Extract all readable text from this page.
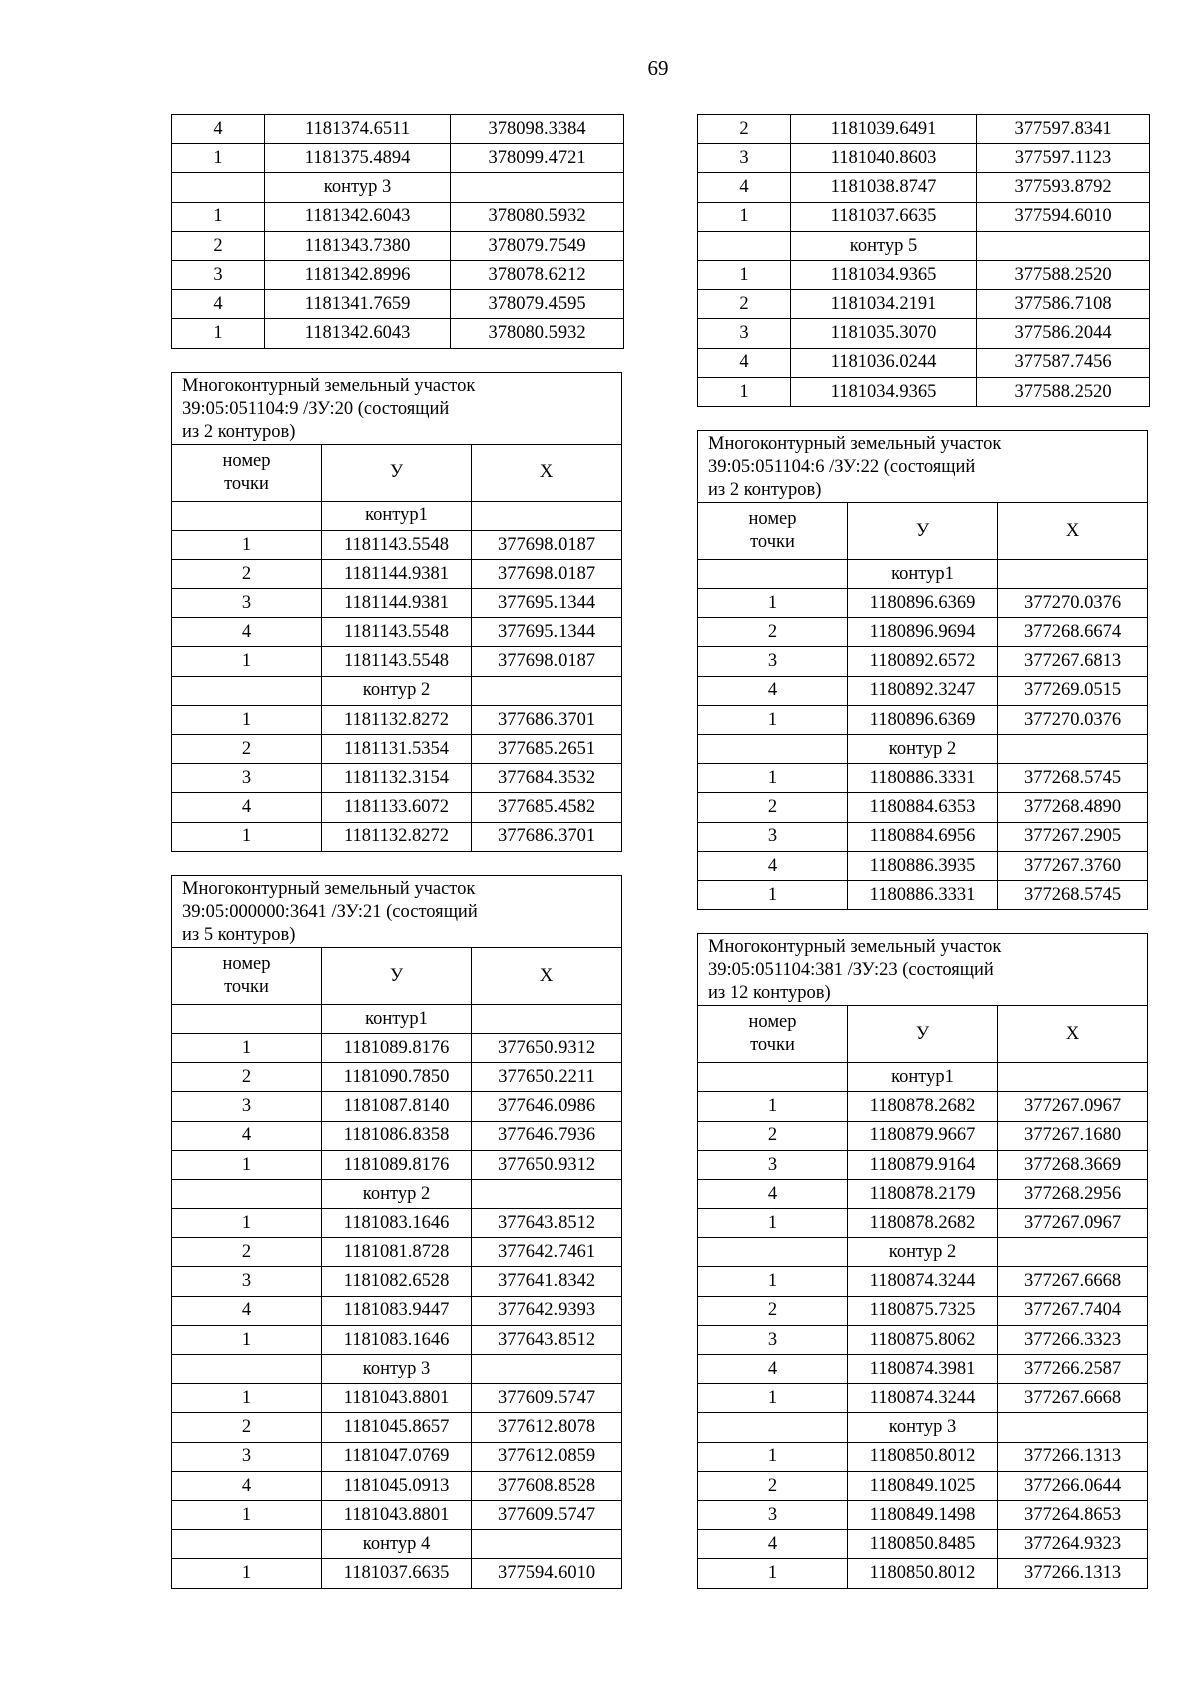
69
4	1181374.6511	378098.3384
1	1181375.4894	378099.4721
	контур 3	
1	1181342.6043	378080.5932
2	1181343.7380	378079.7549
3	1181342.8996	378078.6212
4	1181341.7659	378079.4595
1	1181342.6043	378080.5932
Многоконтурный земельный участок
39:05:051104:9 /ЗУ:20 (состоящий
из 2 контуров)		

номер
точки	У	Х
	контур1	
1	1181143.5548	377698.0187
2	1181144.9381	377698.0187
3	1181144.9381	377695.1344
4	1181143.5548	377695.1344
1	1181143.5548	377698.0187
	контур 2	
1	1181132.8272	377686.3701
2	1181131.5354	377685.2651
3	1181132.3154	377684.3532
4	1181133.6072	377685.4582
1	1181132.8272	377686.3701
Многоконтурный земельный участок
39:05:000000:3641 /ЗУ:21 (состоящий
из 5 контуров)		

номер
точки	У	Х
	контур1	
1	1181089.8176	377650.9312
2	1181090.7850	377650.2211
3	1181087.8140	377646.0986
4	1181086.8358	377646.7936
1	1181089.8176	377650.9312
	контур 2	
1	1181083.1646	377643.8512
2	1181081.8728	377642.7461
3	1181082.6528	377641.8342
4	1181083.9447	377642.9393
1	1181083.1646	377643.8512
	контур 3	
1	1181043.8801	377609.5747
2	1181045.8657	377612.8078
3	1181047.0769	377612.0859
4	1181045.0913	377608.8528
1	1181043.8801	377609.5747
	контур 4	
1	1181037.6635	377594.6010
2	1181039.6491	377597.8341
3	1181040.8603	377597.1123
4	1181038.8747	377593.8792
1	1181037.6635	377594.6010
	контур 5	
1	1181034.9365	377588.2520
2	1181034.2191	377586.7108
3	1181035.3070	377586.2044
4	1181036.0244	377587.7456
1	1181034.9365	377588.2520
Многоконтурный земельный участок
39:05:051104:6 /ЗУ:22 (состоящий
из 2 контуров)		

номер
точки	У	Х
	контур1	
1	1180896.6369	377270.0376
2	1180896.9694	377268.6674
3	1180892.6572	377267.6813
4	1180892.3247	377269.0515
1	1180896.6369	377270.0376
	контур 2	
1	1180886.3331	377268.5745
2	1180884.6353	377268.4890
3	1180884.6956	377267.2905
4	1180886.3935	377267.3760
1	1180886.3331	377268.5745
Многоконтурный земельный участок
39:05:051104:381 /ЗУ:23 (состоящий
из 12 контуров)		

номер
точки	У	Х
	контур1	
1	1180878.2682	377267.0967
2	1180879.9667	377267.1680
3	1180879.9164	377268.3669
4	1180878.2179	377268.2956
1	1180878.2682	377267.0967
	контур 2	
1	1180874.3244	377267.6668
2	1180875.7325	377267.7404
3	1180875.8062	377266.3323
4	1180874.3981	377266.2587
1	1180874.3244	377267.6668
	контур 3	
1	1180850.8012	377266.1313
2	1180849.1025	377266.0644
3	1180849.1498	377264.8653
4	1180850.8485	377264.9323
1	1180850.8012	377266.1313
